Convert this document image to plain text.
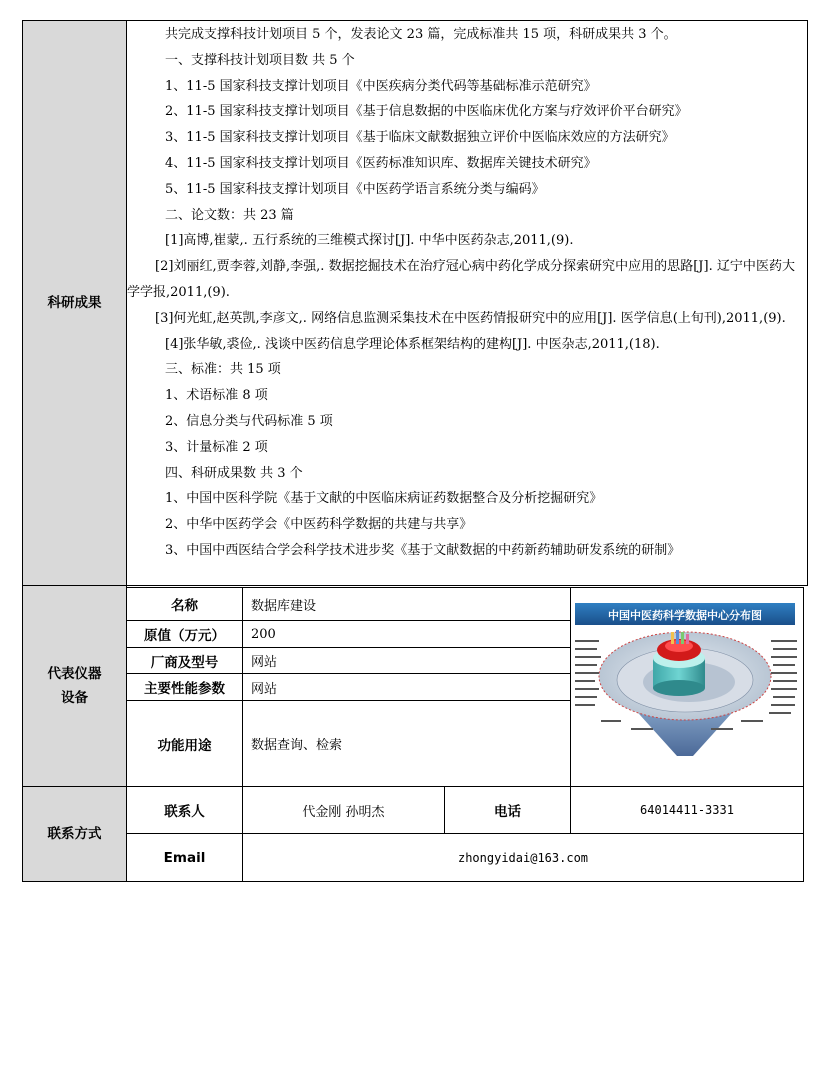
科研成果
共完成支撑科技计划项目 5 个，发表论文 23 篇，完成标准共 15 项，科研成果共 3 个。
一、支撑科技计划项目数 共 5 个
1、11-5 国家科技支撑计划项目《中医疾病分类代码等基础标准示范研究》
2、11-5 国家科技支撑计划项目《基于信息数据的中医临床优化方案与疗效评价平台研究》
3、11-5 国家科技支撑计划项目《基于临床文献数据独立评价中医临床效应的方法研究》
4、11-5 国家科技支撑计划项目《医药标准知识库、数据库关键技术研究》
5、11-5 国家科技支撑计划项目《中医药学语言系统分类与编码》
二、论文数：共 23 篇
[1]高博,崔蒙,. 五行系统的三维模式探讨[J]. 中华中医药杂志,2011,(9).
[2]刘丽红,贾李蓉,刘静,李强,. 数据挖掘技术在治疗冠心病中药化学成分探索研究中应用的思路[J]. 辽宁中医药大学学报,2011,(9).
[3]何光虹,赵英凯,李彦文,. 网络信息监测采集技术在中医药情报研究中的应用[J]. 医学信息(上旬刊),2011,(9).
[4]张华敏,裘俭,. 浅谈中医药信息学理论体系框架结构的建构[J]. 中医杂志,2011,(18).
三、标准：共 15 项
1、术语标准 8 项
2、信息分类与代码标准 5 项
3、计量标准 2 项
四、科研成果数 共 3 个
1、中国中医科学院《基于文献的中医临床病证药数据整合及分析挖掘研究》
2、中华中医药学会《中医药科学数据的共建与共享》
3、中国中西医结合学会科学技术进步奖《基于文献数据的中药新药辅助研发系统的研制》
代表仪器
设备
名称	数据库建设
原值（万元） 200
厂商及型号	网站
主要性能参数 网站
功能用途	数据查询、检索
中国中医药科学数据中心分布图
联系方式
联系人	代金刚 孙明杰	电话	64014411-3331
Email	zhongyidai@163.com
